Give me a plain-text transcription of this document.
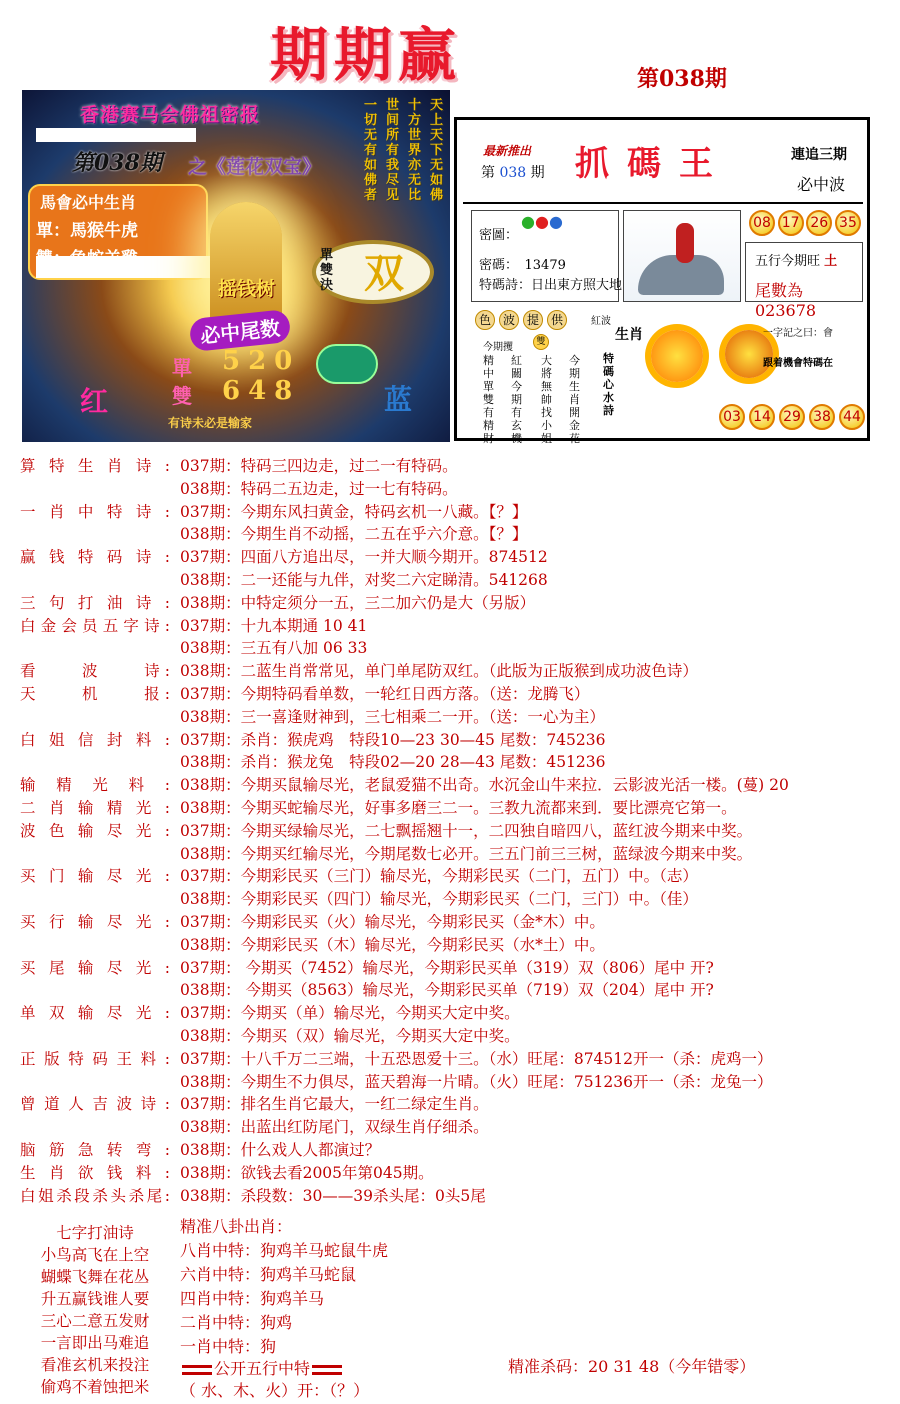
期期赢	第038期
香港赛马会佛祖密报
第038期 之《莲花双宝》
天上天下无如佛
十方世界亦无比
世间所有我尽见
一切无有如佛者
馬會必中生肖
單：馬猴牛虎
摇钱树
必中尾数
單
雙
520
648
單雙決 双
红	蓝
有诗未必是输家
最新推出
第 038 期 抓碼王	連追三期
必中波
密圖：
●●●
密碼：　13479
特碼詩：日出東方照大地
08 17 26 35
五行今期旺 土
尾數為 023678
色 波 提 供	紅波
今期攫	雙
精中單雙有精財
紅關今期有玄機
大將無帥找小姐
今期生肖開金花
生肖
特碼心水詩
一字記之曰：會
跟着機會特碼在
03 14 29 38 44
算特生肖诗: 037期：特码三四边走，过二一有特码。
038期：特码二五边走，过一七有特码。
一肖中特诗: 037期：今期东风扫黄金，特码玄机一八藏。【？】
038期：今期生肖不动摇，二五在乎六介意。【？】
赢钱特码诗: 037期：四面八方追出尽，一并大顺今期开。874512
038期：二一还能与九伴，对奖二六定睇清。541268
三句打油诗: 038期：中特定须分一五，三二加六仍是大（另版）
白金会员五字诗: 037期：十九本期通 10 41
038期：三五有八加 06 33
看　　波　　诗: 038期：二蓝生肖常常见，单门单尾防双红。（此版为正版猴到成功波色诗）
天　　机　　报: 037期：今期特码看单数，一轮红日西方落。（送：龙腾飞）
038期：三一喜逢财神到，三七相乘二一开。（送：一心为主）
白姐信封料: 037期：杀肖：猴虎鸡　特段10—23 30—45 尾数：745236
038期：杀肖：猴龙兔　特段02—20 28—43 尾数：451236
输精光料: 038期：今期买鼠输尽光，老鼠爱猫不出奇。水沉金山牛来拉．云影波光活一楼。(蔓) 20
二肖输精光: 038期：今期买蛇输尽光，好事多磨三二一。三教九流都来到．要比漂亮它第一。
波色输尽光: 037期：今期买绿输尽光，二七飘摇翘十一，二四独自暗四八，蓝红波今期来中奖。
038期：今期买红输尽光，今期尾数七必开。三五门前三三树，蓝绿波今期来中奖。
买门输尽光: 037期：今期彩民买（三门）输尽光，今期彩民买（二门，五门）中。（志）
038期：今期彩民买（四门）输尽光，今期彩民买（二门，三门）中。（佳）
买行输尽光: 037期：今期彩民买（火）输尽光，今期彩民买（金*木）中。
038期：今期彩民买（木）输尽光，今期彩民买（水*土）中。
买尾输尽光: 037期： 今期买（7452）输尽光，今期彩民买单（319）双（806）尾中 开?
038期： 今期买（8563）输尽光，今期彩民买单（719）双（204）尾中 开?
单双输尽光: 037期：今期买（单）输尽光，今期买大定中奖。
038期：今期买（双）输尽光，今期买大定中奖。
正版特码王料: 037期：十八千万二三端，十五恐恩爱十三。（水）旺尾：874512开一（杀：虎鸡一）
038期：今期生不力俱尽，蓝天碧海一片晴。（火）旺尾：751236开一（杀：龙兔一）
曾道人吉波诗: 037期：排名生肖它最大，一红二绿定生肖。
038期：出蓝出红防尾门，双绿生肖仔细杀。
脑筋急转弯: 038期：什么戏人人都演过？
生肖欲钱料: 038期：欲钱去看2005年第045期。
白姐杀段杀头杀尾: 038期：杀段数：30——39杀头尾：0头5尾
七字打油诗
小鸟高飞在上空
蝴蝶飞舞在花丛
升五赢钱谁人要
三心二意五发财
一言即出马难追
看准玄机来投注
偷鸡不着蚀把米
精准八卦出肖：
八肖中特：狗鸡羊马蛇鼠牛虎
六肖中特：狗鸡羊马蛇鼠
四肖中特：狗鸡羊马
二肖中特：狗鸡
一肖中特：狗
公开五行中特
（ 水、木、火）开：（？）
精准杀码：20 31 48（今年错零）
